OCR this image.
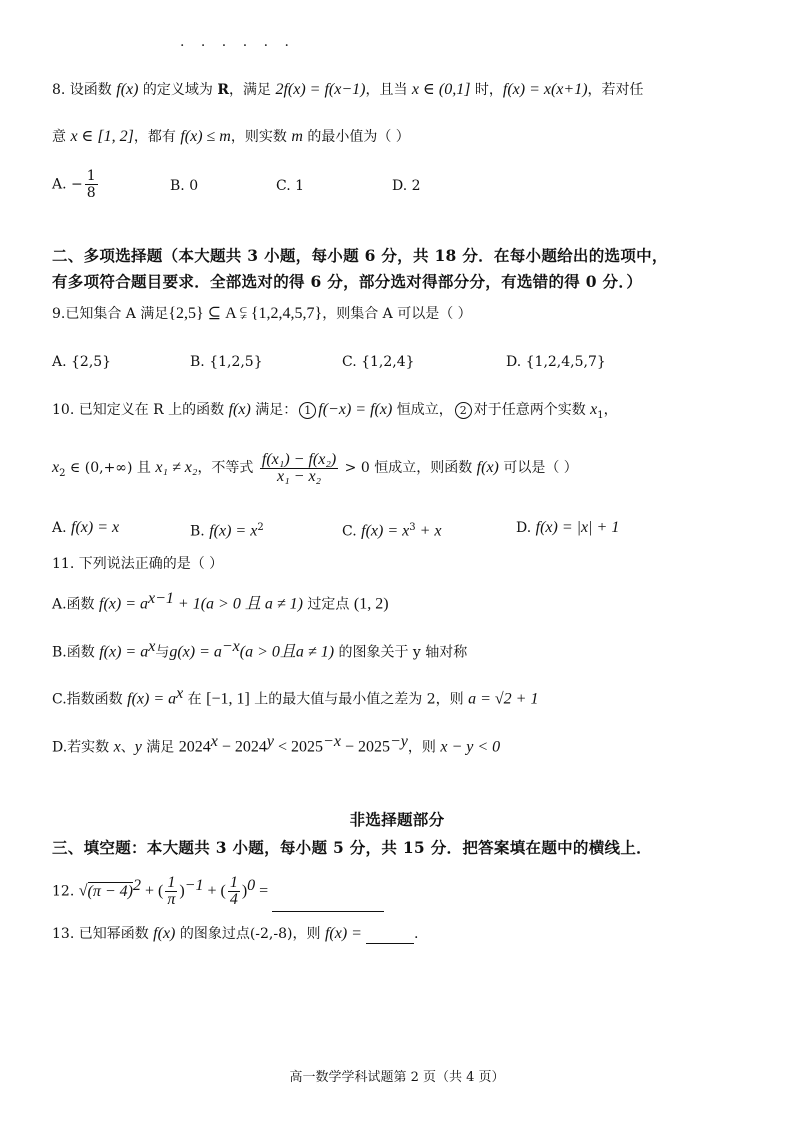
· · · · · ·
8. 设函数 f(x) 的定义域为 R，满足 2f(x) = f(x−1)，且当 x ∈ (0,1] 时，f(x) = x(x+1)，若对任
意 x ∈ [1, 2]，都有 f(x) ≤ m，则实数 m 的最小值为（ ）
A. − $\frac{1}{8}$	B. 0	C. 1	D. 2
二、多项选择题（本大题共 3 小题，每小题 6 分，共 18 分．在每小题给出的选项中，
有多项符合题目要求．全部选对的得 6 分，部分选对得部分分，有选错的得 0 分．）
9.已知集合 A 满足{2,5} ⊆ A ⫋ {1,2,4,5,7}，则集合 A 可以是（ ）
A. {2,5}	B. {1,2,5}	C. {1,2,4}	D. {1,2,4,5,7}
10. 已知定义在 R 上的函数 f(x) 满足： 1 f(−x) = f(x) 恒成立， 2 对于任意两个实数 $x_1$，
$x_2$ ∈ (0,+∞) 且 x₁ ≠ x₂，不等式 $\frac{\text{f(x₁) − f(x₂)}}{\text{x₁ − x₂}} > 0$ 恒成立，则函数 f(x) 可以是（ ）
A. f(x) = x	B. $f(x) = x^2$	C. $f(x) = x^3 + x$	D. f(x) = |x| + 1
11. 下列说法正确的是（ ）
A.函数 $f(x) = a^{x-1} + 1(a > 0$ 且 a ≠ 1) 过定点 (1, 2)
B.函数 $f(x) = a^x$与$g(x) = a^{-x}(a > 0$且a ≠ 1) 的图象关于 y 轴对称
C.指数函数 $f(x) = a^x$ 在 [−1, 1] 上的最大值与最小值之差为 2，则 a = √2 + 1
D.若实数 x、y 满足 $2024^x - 2024^y < 2025^{-x} - 2025^{-y}$，则 x − y < 0
非选择题部分
三、填空题：本大题共 3 小题，每小题 5 分，共 15 分．把答案填在题中的横线上．
12. $√(\pi - 4)^2$ + ( $\frac{1}{\pi} )^{-1}$ + ( $\frac{1}{4} )^0$ =
13. 已知幂函数 f(x) 的图象过点(-2,-8)，则 f(x) =	.
高一数学学科试题第 2 页（共 4 页）
